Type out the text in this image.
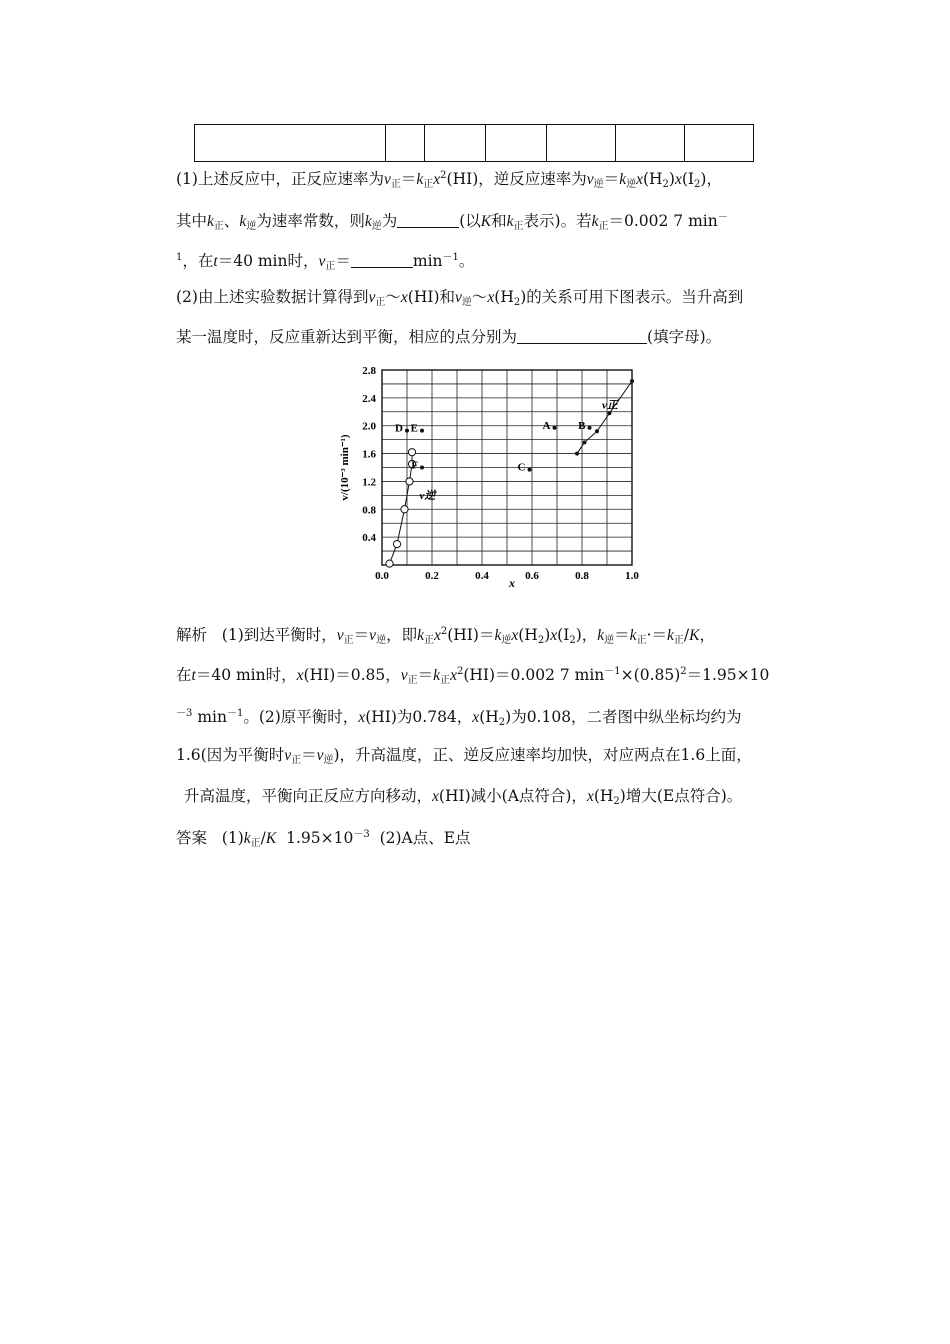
(1)上述反应中，正反应速率为$v_正=k_正x^2(HI)$，逆反应速率为$v_逆=k_逆x(H_2)x(I_2)$，
其中$k_正$、$k_逆$为速率常数，则$k_逆$为	(以K和$k_正$表示)。若$k_正=0.002$ 7 min－
$^1$，在t＝40 min时，$v_正=$	$\min^{-1}$。
(2)由上述实验数据计算得到$v_正\sim x(HI)$和$v_逆\sim x(H_2)$的关系可用下图表示。当升高到
某一温度时，反应重新达到平衡，相应的点分别为	(填字母)。
0.0	0.2	0.4	0.6	0.8	1.0
0.4
0.8
1.2
1.6
2.0
2.4
2.8
x
v/(10⁻³ min⁻¹)
v正
v逆
A	B
C
D E
F
解析 (1)到达平衡时，$v_正=v_逆$，即$k_正x^2(HI)=k_逆x(H_2)x(I_2)$，$k_逆=k_正\cdot=k_正/K$，
在t＝40 min时，x(HI)＝0.85，$v_正=k_正x^2(HI)=0.002$ 7 $\min^{-1}\times(0.85)^2=1.95\times 10$
$^{-3}$ $\min^{-1}$。(2)原平衡时，x(HI)为0.784，$x(H_2)$为0.108，二者图中纵坐标均约为
1.6(因为平衡时$v_正=v_逆$)，升高温度，正、逆反应速率均加快，对应两点在1.6上面，
升高温度，平衡向正反应方向移动，x(HI)减小(A点符合)，$x(H_2)$增大(E点符合)。
答案 $(1)k_正/K$ $1.95\times 10^{-3}$ (2)A点、E点
